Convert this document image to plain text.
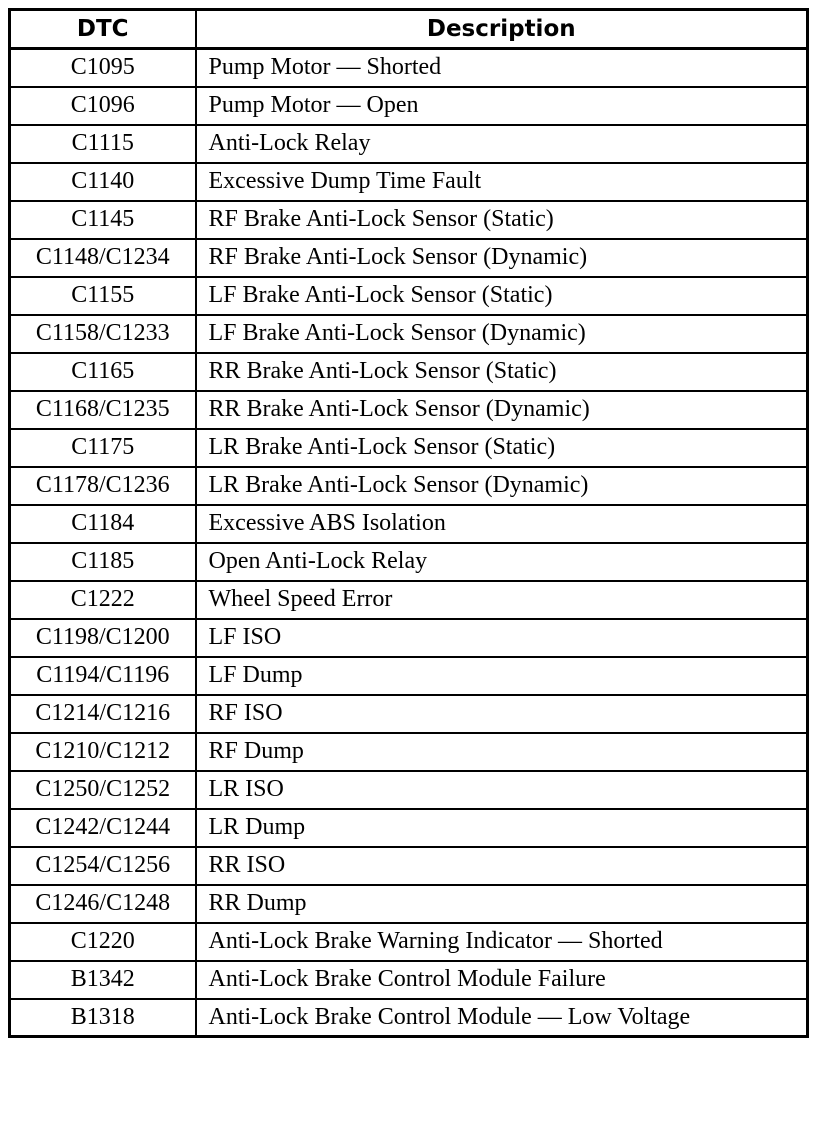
DTC	Description
C1095	Pump Motor — Shorted
C1096	Pump Motor — Open
C1115	Anti-Lock Relay
C1140	Excessive Dump Time Fault
C1145	RF Brake Anti-Lock Sensor (Static)
C1148/C1234	RF Brake Anti-Lock Sensor (Dynamic)
C1155	LF Brake Anti-Lock Sensor (Static)
C1158/C1233	LF Brake Anti-Lock Sensor (Dynamic)
C1165	RR Brake Anti-Lock Sensor (Static)
C1168/C1235	RR Brake Anti-Lock Sensor (Dynamic)
C1175	LR Brake Anti-Lock Sensor (Static)
C1178/C1236	LR Brake Anti-Lock Sensor (Dynamic)
C1184	Excessive ABS Isolation
C1185	Open Anti-Lock Relay
C1222	Wheel Speed Error
C1198/C1200	LF ISO
C1194/C1196	LF Dump
C1214/C1216	RF ISO
C1210/C1212	RF Dump
C1250/C1252	LR ISO
C1242/C1244	LR Dump
C1254/C1256	RR ISO
C1246/C1248	RR Dump
C1220	Anti-Lock Brake Warning Indicator — Shorted
B1342	Anti-Lock Brake Control Module Failure
B1318	Anti-Lock Brake Control Module — Low Voltage
